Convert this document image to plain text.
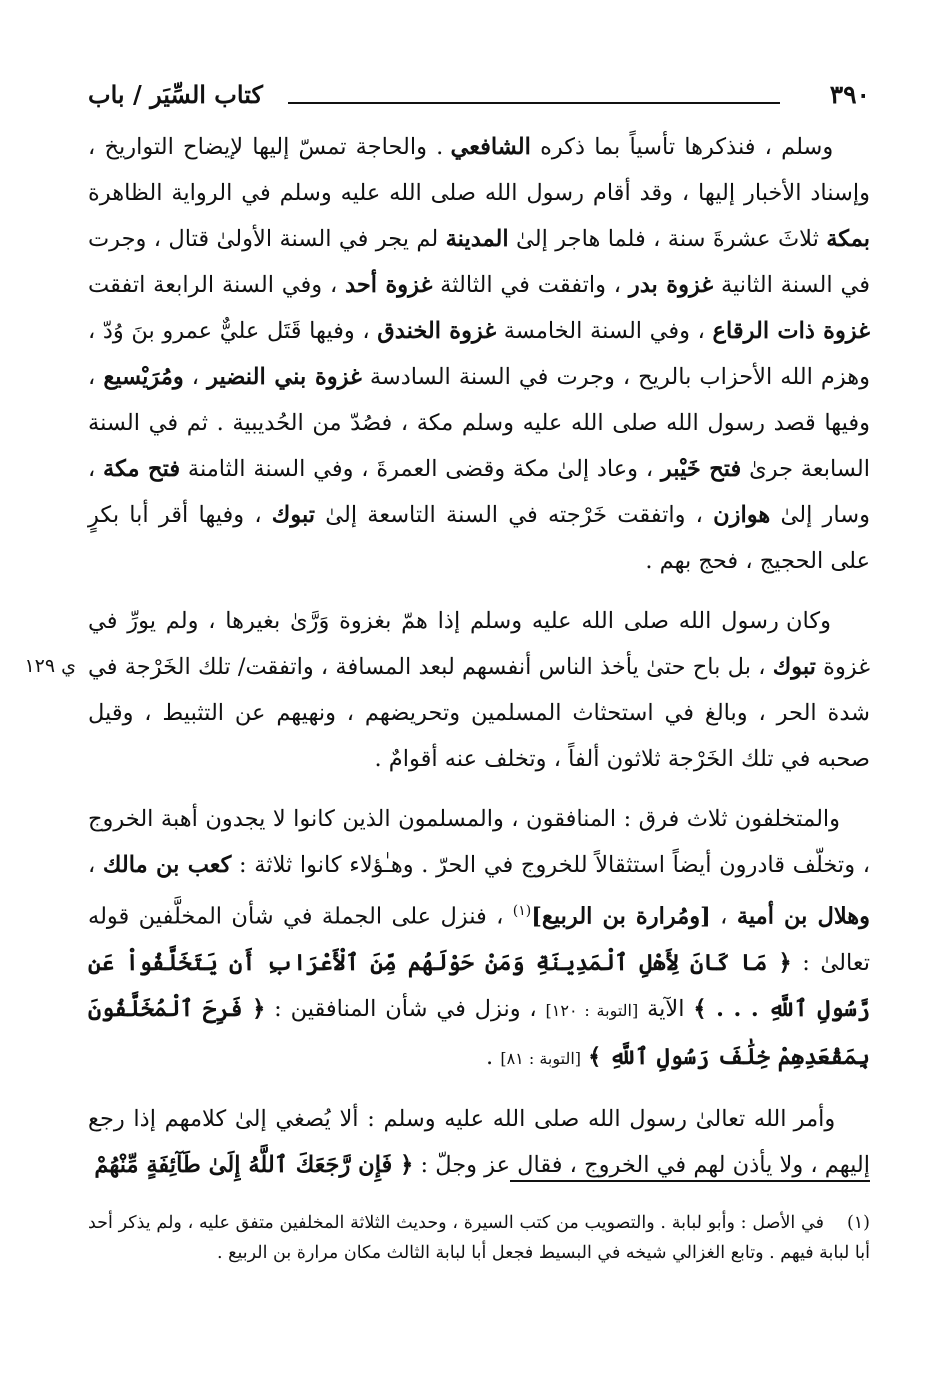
٣٩٠
كتاب السِّيَر / باب
ي ١٢٩

وسلم ، فنذكرها تأسياً بما ذكره الشافعي . والحاجة تمسّ إليها لإيضاح التواريخ ، وإسناد الأخبار إليها ، وقد أقام رسول الله صلى الله عليه وسلم في الرواية الظاهرة بمكة ثلاثَ عشرةَ سنة ، فلما هاجر إلىٰ المدينة لم يجر في السنة الأولىٰ قتال ، وجرت في السنة الثانية غزوة بدر ، واتفقت في الثالثة غزوة أحد ، وفي السنة الرابعة اتفقت غزوة ذات الرقاع ، وفي السنة الخامسة غزوة الخندق ، وفيها قَتَل عليٌّ عمرو بنَ وُدّ ، وهزم الله الأحزاب بالريح ، وجرت في السنة السادسة غزوة بني النضير ، ومُرَيْسيع ، وفيها قصد رسول الله صلى الله عليه وسلم مكة ، فصُدّ من الحُديبية . ثم في السنة السابعة جرىٰ فتح خَيْبر ، وعاد إلىٰ مكة وقضى العمرةَ ، وفي السنة الثامنة فتح مكة ، وسار إلىٰ هوازن ، واتفقت خَرْجته في السنة التاسعة إلىٰ تبوك ، وفيها أقر أبا بكرٍ على الحجيج ، فحج بهم .

وكان رسول الله صلى الله عليه وسلم إذا همّ بغزوة وَرَّىٰ بغيرها ، ولم يورِّ في غزوة تبوك ، بل باح حتىٰ يأخذ الناس أنفسهم لبعد المسافة ، واتفقت/ تلك الخَرْجة في شدة الحر ، وبالغ في استحثاث المسلمين وتحريضهم ، ونهيهم عن التثبيط ، وقيل صحبه في تلك الخَرْجة ثلاثون ألفاً ، وتخلف عنه أقوامٌ .

والمتخلفون ثلاث فرق : المنافقون ، والمسلمون الذين كانوا لا يجدون أهبة الخروج ، وتخلّف قادرون أيضاً استثقالاً للخروج في الحرّ . وهـٰؤلاء كانوا ثلاثة : كعب بن مالك ، وهلال بن أمية ، [ومُرارة بن الربيع]$^{(١)}$ ، فنزل على الجملة في شأن المخلَّفين قوله تعالىٰ : ﴿ مَا كَانَ لِأَهْلِ ٱلْمَدِينَةِ وَمَنْ حَوْلَهُم مِّنَ ٱلْأَعْرَابِ أَن يَتَخَلَّفُواْ عَن رَّسُولِ ٱللَّهِ . . . ﴾ الآية [التوبة : ١٢٠] ، ونزل في شأن المنافقين : ﴿ فَرِحَ ٱلْمُخَلَّفُونَ بِمَقْعَدِهِمْ خِلَٰفَ رَسُولِ ٱللَّهِ ﴾ [التوبة : ٨١] .

وأمر الله تعالىٰ رسول الله صلى الله عليه وسلم : ألا يُصغي إلىٰ كلامهم إذا رجع إليهم ، ولا يأذن لهم في الخروج ، فقال عز وجلّ : ﴿ فَإِن رَّجَعَكَ ٱللَّهُ إِلَىٰ طَآئِفَةٍ مِّنْهُمْ

(١)في الأصل : وأبو لبابة . والتصويب من كتب السيرة ، وحديث الثلاثة المخلفين متفق عليه ، ولم يذكر أحد أبا لبابة فيهم . وتابع الغزالي شيخه في البسيط فجعل أبا لبابة الثالث مكان مرارة بن الربيع .
